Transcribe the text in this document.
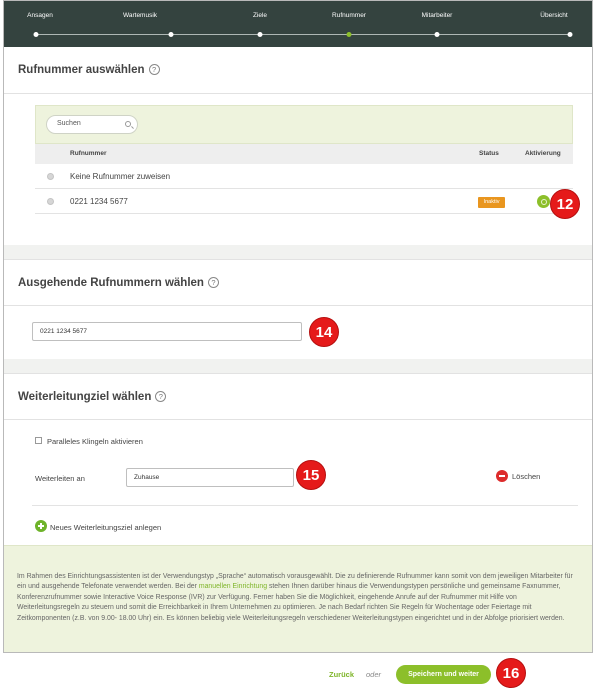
Ansagen	Wartemusik	Ziele	Rufnummer	Mitarbeiter	Übersicht
Rufnummer auswählen ?
Suchen
Rufnummer	Status	Aktivierung
Keine Rufnummer zuweisen
0221 1234 5677	Inaktiv
Ausgehende Rufnummern wählen ?
0221 1234 5677
Weiterleitungziel wählen ?
Paralleles Klingeln aktivieren
Weiterleiten an	Zuhause	Löschen
Neues Weiterleitungsziel anlegen

Im Rahmen des Einrichtungsassistenten ist der Verwendungstyp „Sprache“ automatisch vorausgewählt. Die zu definierende Rufnummer kann somit von dem jeweiligen Mitarbeiter für ein und ausgehende Telefonate verwendet werden. Bei der manuellen Einrichtung stehen Ihnen darüber hinaus die Verwendungstypen persönliche und gemeinsame Faxnummer, Konferenzrufnummer sowie Interactive Voice Response (IVR) zur Verfügung. Ferner haben Sie die Möglichkeit, eingehende Anrufe auf der Rufnummer mit Hilfe von Weiterleitungsregeln zu steuern und somit die Erreichbarkeit in Ihrem Unternehmen zu optimieren. Je nach Bedarf richten Sie Regeln für Wochentage oder Feiertage mit Zeitkomponenten (z.B. von 9.00- 18.00 Uhr) ein. Es können beliebig viele Weiterleitungsregeln verschiedener Weiterleitungstypen eingerichtet und in der Abfolge priorisiert werden.

12
14
15
16
Zurück oder	Speichern und weiter
